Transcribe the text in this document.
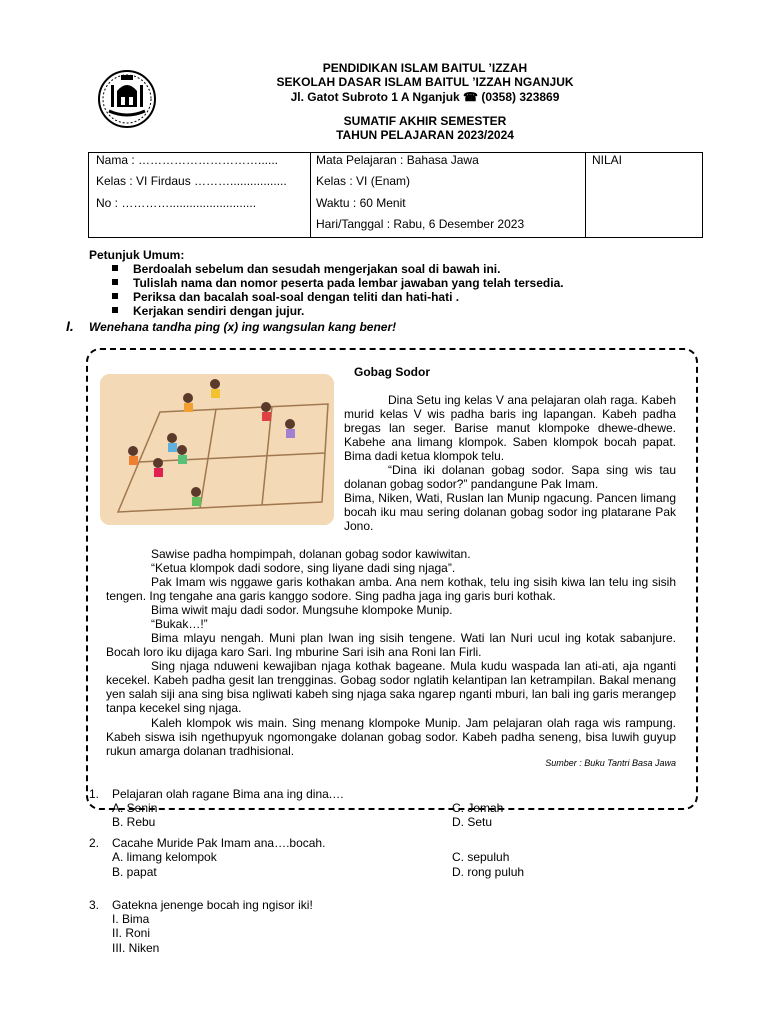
PENDIDIKAN ISLAM BAITUL ’IZZAH
SEKOLAH DASAR ISLAM BAITUL ’IZZAH NGANJUK
Jl. Gatot Subroto 1 A Nganjuk ☎ (0358) 323869
SUMATIF AKHIR SEMESTER
TAHUN PELAJARAN 2023/2024
Nama : …………………………......
Kelas : VI Firdaus ……….................
No : …………..........................
Mata Pelajaran : Bahasa Jawa
Kelas : VI (Enam)
Waktu : 60 Menit
Hari/Tanggal : Rabu, 6 Desember 2023
NILAI
Petunjuk Umum:
Berdoalah sebelum dan sesudah mengerjakan soal di bawah ini.
Tulislah nama dan nomor peserta pada lembar jawaban yang telah tersedia.
Periksa dan bacalah soal-soal dengan teliti dan hati-hati .
Kerjakan sendiri dengan jujur.
I. Wenehana tandha ping (x) ing wangsulan kang bener!
Gobag Sodor
Dina Setu ing kelas V ana pelajaran olah raga. Kabeh murid kelas V wis padha baris ing lapangan. Kabeh padha bregas lan seger. Barise manut klompoke dhewe-dhewe. Kabehe ana limang klompok. Saben klompok bocah papat. Bima dadi ketua klompok telu.
“Dina iki dolanan gobag sodor. Sapa sing wis tau dolanan gobag sodor?” pandangune Pak Imam.
Bima, Niken, Wati, Ruslan lan Munip ngacung. Pancen limang bocah iku mau sering dolanan gobag sodor ing platarane Pak Jono.
Sawise padha hompimpah, dolanan gobag sodor kawiwitan.
“Ketua klompok dadi sodore, sing liyane dadi sing njaga”.
Pak Imam wis nggawe garis kothakan amba. Ana nem kothak, telu ing sisih kiwa lan telu ing sisih tengen. Ing tengahe ana garis kanggo sodore. Sing padha jaga ing garis buri kothak.
Bima wiwit maju dadi sodor. Mungsuhe klompoke Munip.
“Bukak…!”
Bima mlayu nengah. Muni plan Iwan ing sisih tengene. Wati lan Nuri ucul ing kotak sabanjure. Bocah loro iku dijaga karo Sari. Ing mburine Sari isih ana Roni lan Firli.
Sing njaga nduweni kewajiban njaga kothak bageane. Mula kudu waspada lan ati-ati, aja nganti kecekel. Kabeh padha gesit lan trengginas. Gobag sodor nglatih kelantipan lan ketrampilan. Bakal menang yen salah siji ana sing bisa ngliwati kabeh sing njaga saka ngarep nganti mburi, lan bali ing garis merangep tanpa kecekel sing njaga.
Kaleh klompok wis main. Sing menang klompoke Munip. Jam pelajaran olah raga wis rampung. Kabeh siswa isih ngethupyuk ngomongake dolanan gobag sodor. Kabeh padha seneng, bisa luwih guyup rukun amarga dolanan tradhisional.
Sumber : Buku Tantri Basa Jawa
1. Pelajaran olah ragane Bima ana ing dina.…
A. Senin
B. Rebu
C. Jemah
D. Setu
2. Cacahe Muride Pak Imam ana….bocah.
A. limang kelompok
B. papat
C. sepuluh
D. rong puluh
3. Gatekna jenenge bocah ing ngisor iki!
I. Bima
II. Roni
III. Niken
